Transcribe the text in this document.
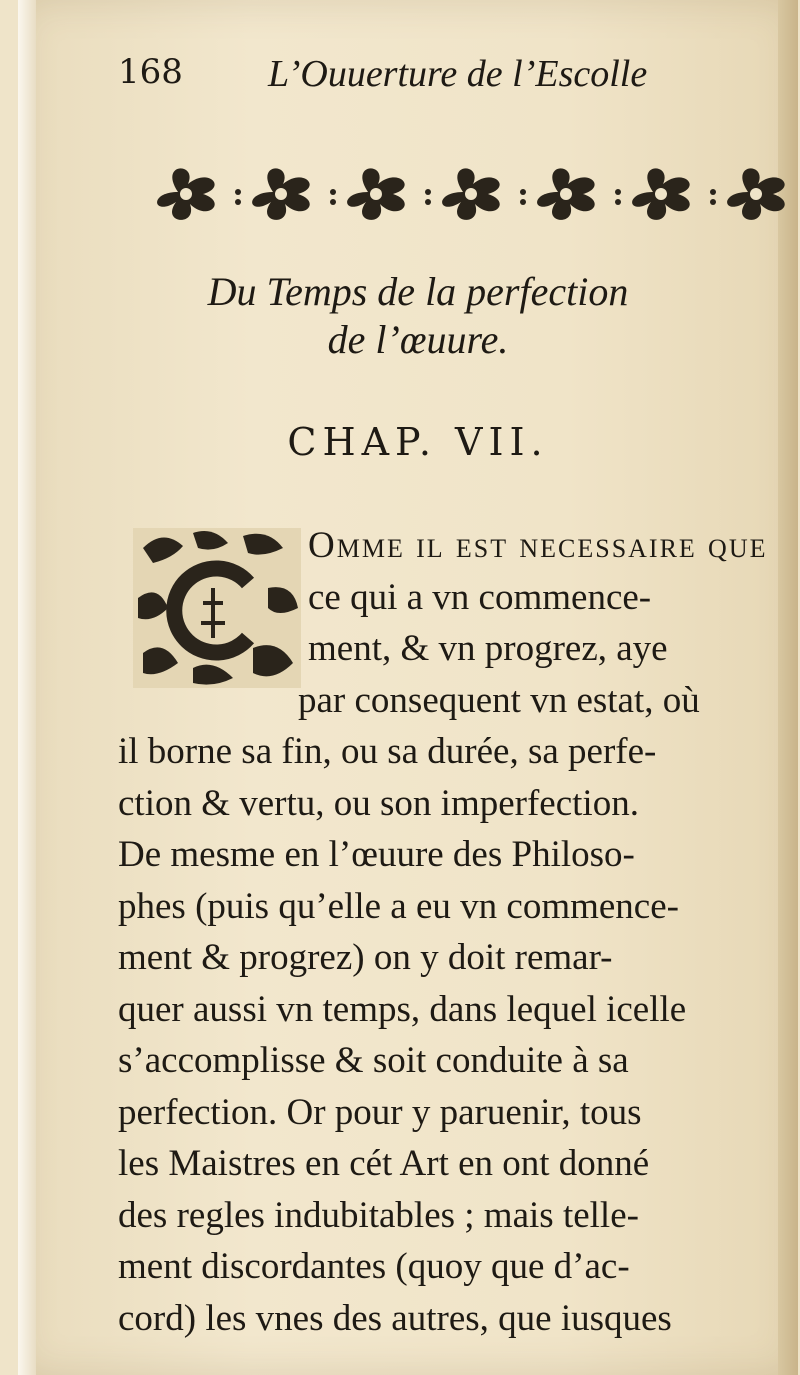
168 L’Ouuerture de l’Escolle
Du Temps de la perfection
de l’œuure.
CHAP. VII.
Omme il est necessaire que
ce qui a vn commence-
ment, & vn progrez, aye
par consequent vn estat, où
il borne sa fin, ou sa durée, sa perfe-
ction & vertu, ou son imperfection.
De mesme en l’œuure des Philoso-
phes (puis qu’elle a eu vn commence-
ment & progrez) on y doit remar-
quer aussi vn temps, dans lequel icelle
s’accomplisse & soit conduite à sa
perfection. Or pour y paruenir, tous
les Maistres en cét Art en ont donné
des regles indubitables ; mais telle-
ment discordantes (quoy que d’ac-
cord) les vnes des autres, que iusques
